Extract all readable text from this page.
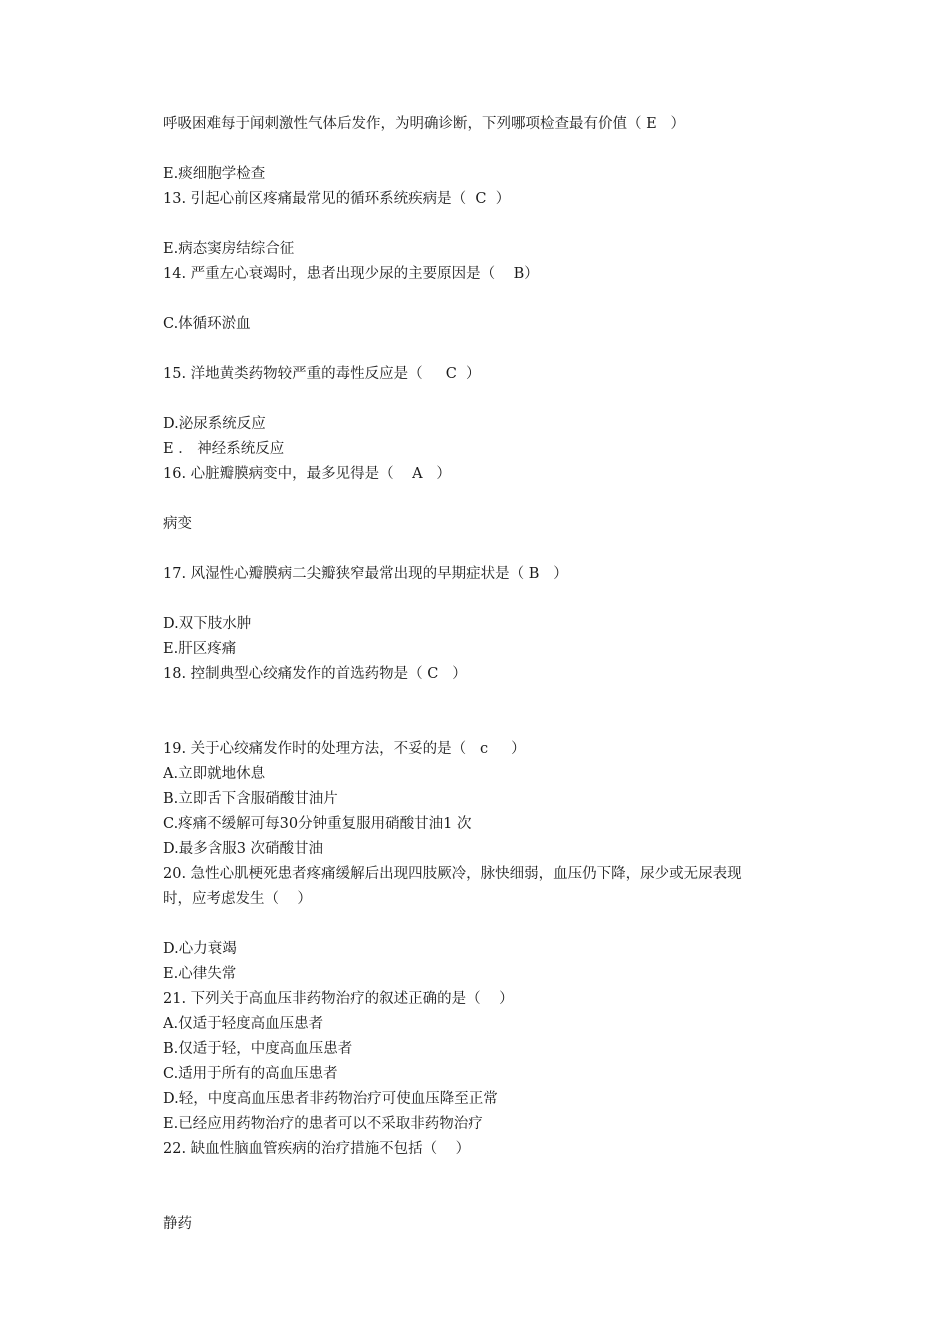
呼吸困难每于闻刺激性气体后发作，为明确诊断，下列哪项检查最有价值（ E   ）

E.痰细胞学检查
13. 引起心前区疼痛最常见的循环系统疾病是（  C  ）

E.病态窦房结综合征
14. 严重左心衰竭时，患者出现少尿的主要原因是（    B）

C.体循环淤血

15. 洋地黄类药物较严重的毒性反应是（     C  ）

D.泌尿系统反应
E ． 神经系统反应
16. 心脏瓣膜病变中，最多见得是（    A   ）

病变

17. 风湿性心瓣膜病二尖瓣狭窄最常出现的早期症状是（ B   ）

D.双下肢水肿
E.肝区疼痛
18. 控制典型心绞痛发作的首选药物是（ C   ）

19. 关于心绞痛发作时的处理方法，不妥的是（   c     ）
A.立即就地休息
B.立即舌下含服硝酸甘油片
C.疼痛不缓解可每30分钟重复服用硝酸甘油1 次
D.最多含服3 次硝酸甘油
20. 急性心肌梗死患者疼痛缓解后出现四肢厥冷，脉快细弱，血压仍下降，尿少或无尿表现
时，应考虑发生（    ）

D.心力衰竭
E.心律失常
21. 下列关于高血压非药物治疗的叙述正确的是（    ）
A.仅适于轻度高血压患者
B.仅适于轻，中度高血压患者
C.适用于所有的高血压患者
D.轻，中度高血压患者非药物治疗可使血压降至正常
E.已经应用药物治疗的患者可以不采取非药物治疗
22. 缺血性脑血管疾病的治疗措施不包括（    ）

静药
